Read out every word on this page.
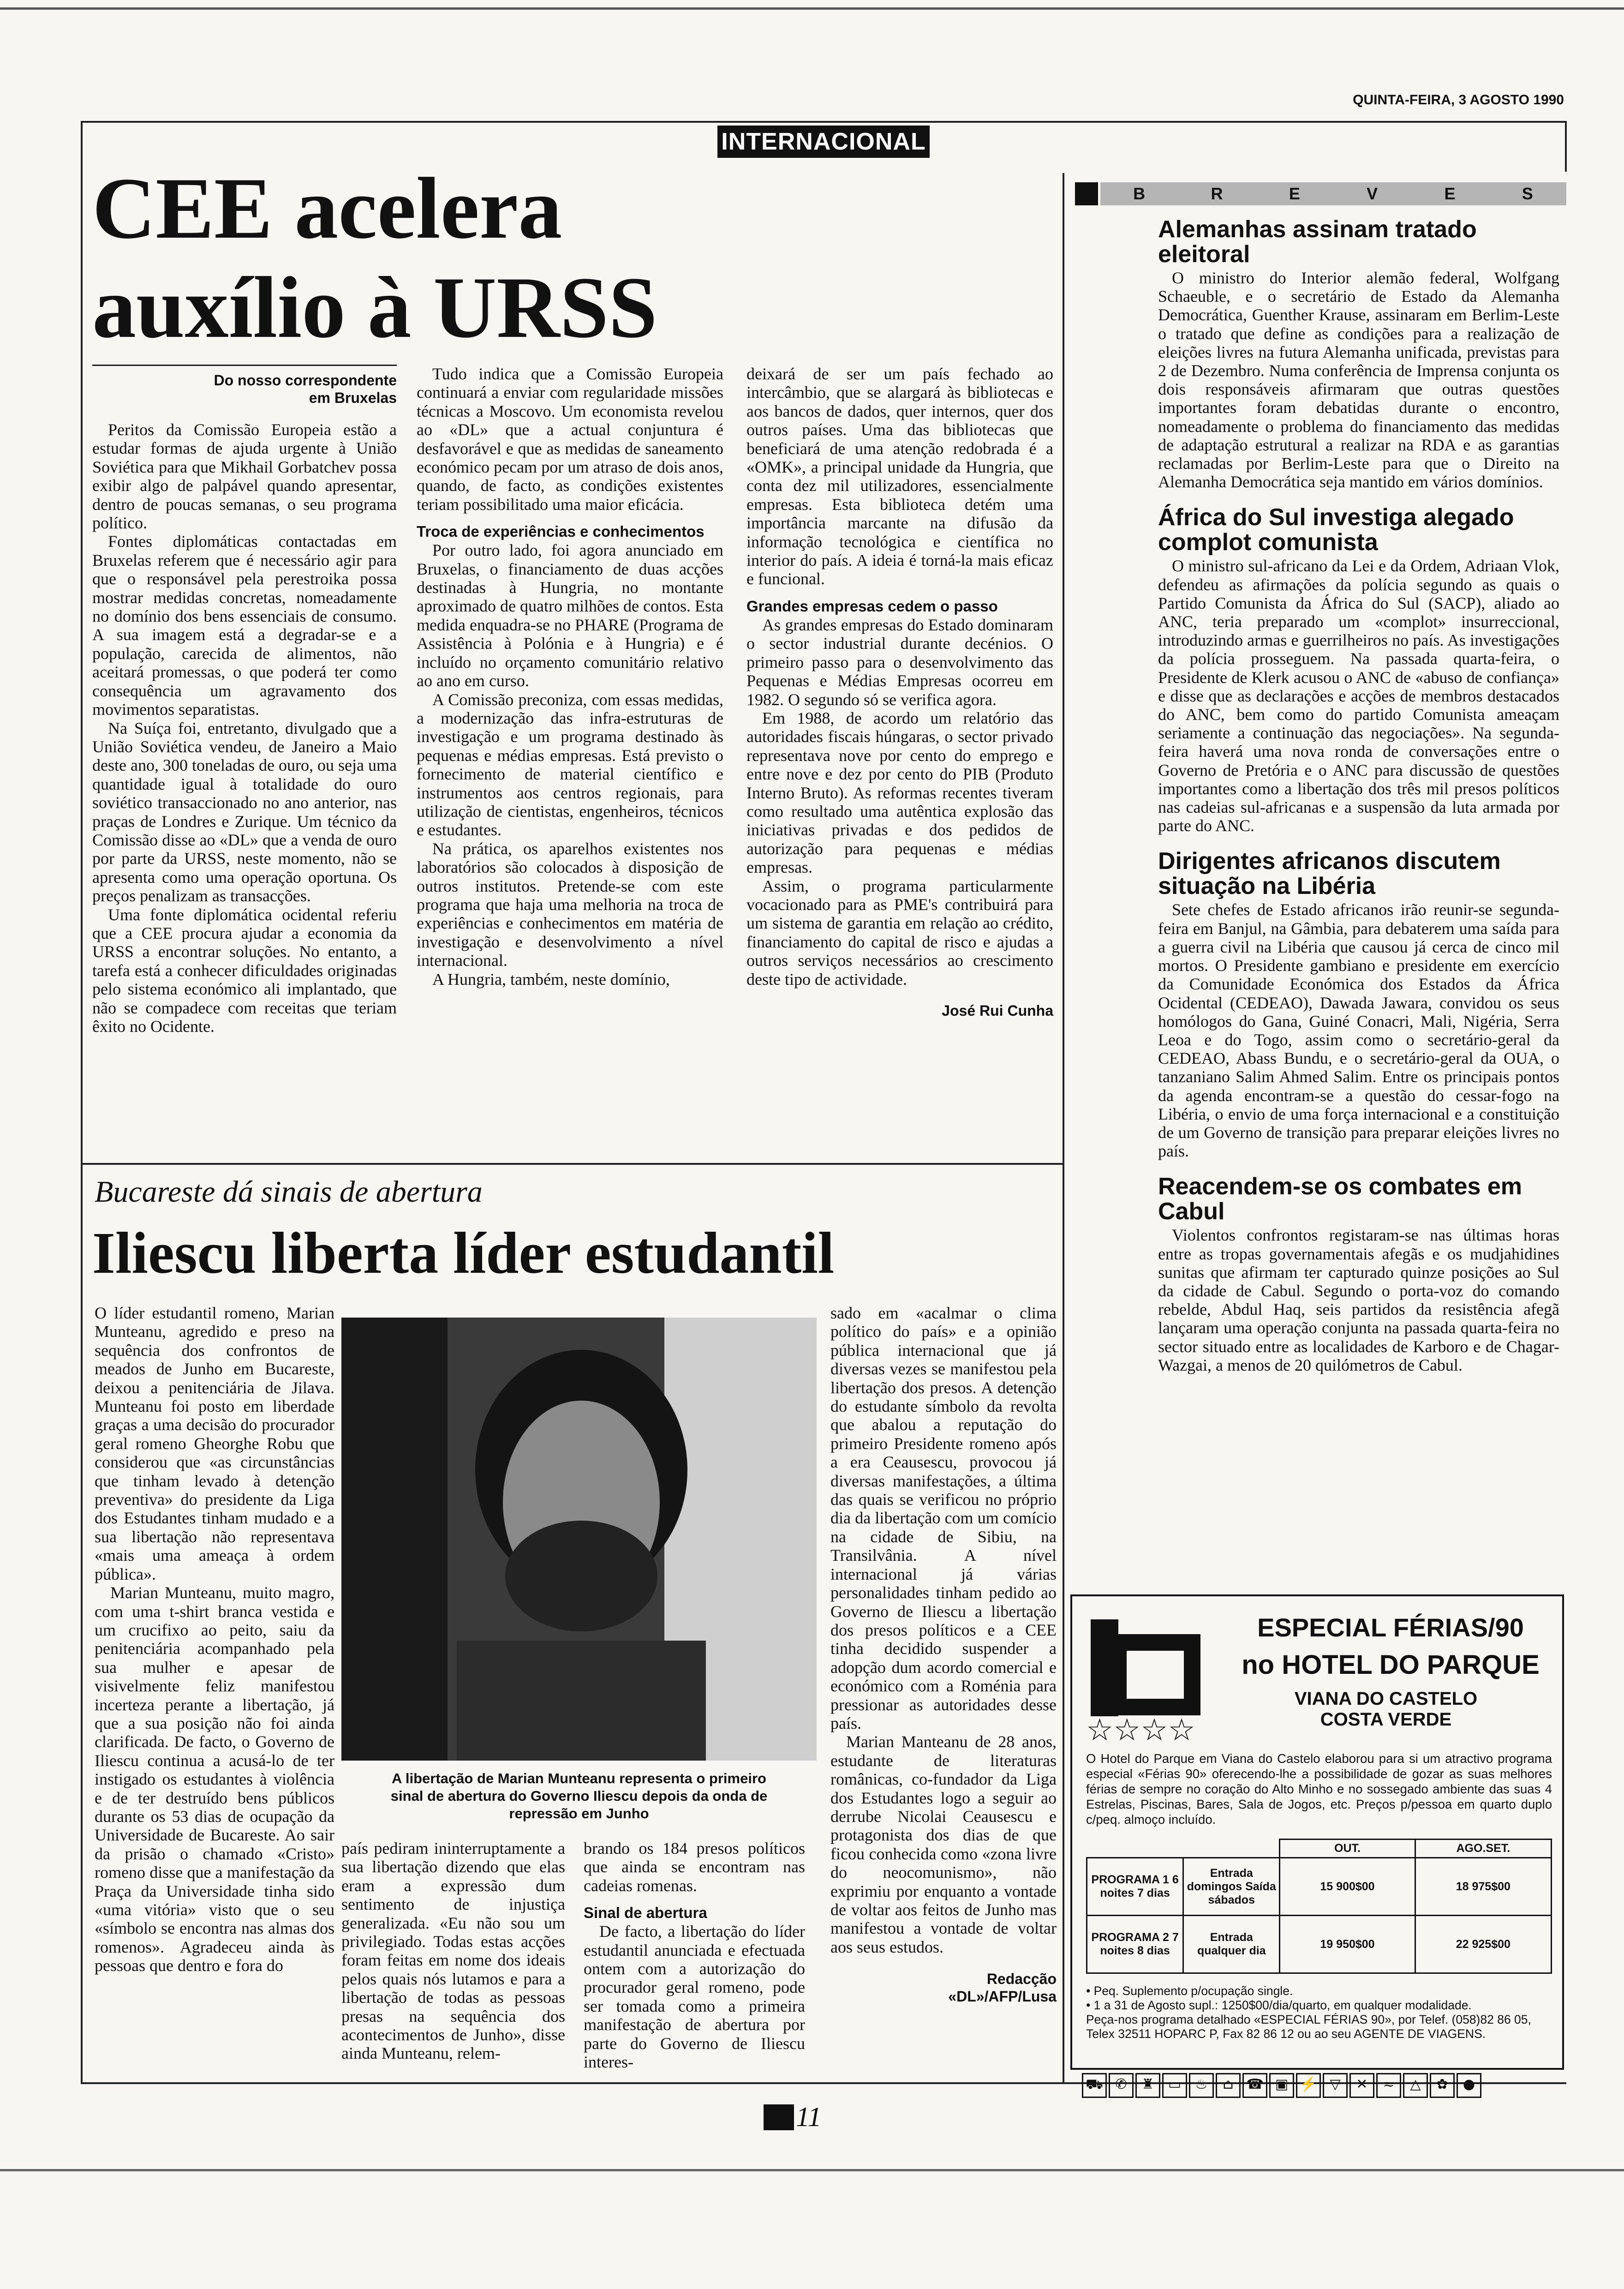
QUINTA-FEIRA, 3 AGOSTO 1990
INTERNACIONAL
CEE acelera
auxílio à URSS
Do nosso correspondente
em Bruxelas

Peritos da Comissão Europeia estão a estudar formas de ajuda urgente à União Soviética para que Mikhail Gorbatchev possa exibir algo de palpável quando apresentar, dentro de poucas semanas, o seu programa político.

Fontes diplomáticas contactadas em Bruxelas referem que é necessário agir para que o responsável pela perestroika possa mostrar medidas concretas, nomeadamente no domínio dos bens essenciais de consumo. A sua imagem está a degradar-se e a população, carecida de alimentos, não aceitará promessas, o que poderá ter como consequência um agravamento dos movimentos separatistas.

Na Suíça foi, entretanto, divulgado que a União Soviética vendeu, de Janeiro a Maio deste ano, 300 toneladas de ouro, ou seja uma quantidade igual à totalidade do ouro soviético transaccionado no ano anterior, nas praças de Londres e Zurique. Um técnico da Comissão disse ao «DL» que a venda de ouro por parte da URSS, neste momento, não se apresenta como uma operação oportuna. Os preços penalizam as transacções.

Uma fonte diplomática ocidental referiu que a CEE procura ajudar a economia da URSS a encontrar soluções. No entanto, a tarefa está a conhecer dificuldades originadas pelo sistema económico ali implantado, que não se compadece com receitas que teriam êxito no Ocidente.

Tudo indica que a Comissão Europeia continuará a enviar com regularidade missões técnicas a Moscovo. Um economista revelou ao «DL» que a actual conjuntura é desfavorável e que as medidas de saneamento económico pecam por um atraso de dois anos, quando, de facto, as condições existentes teriam possibilitado uma maior eficácia.

Troca de experiências e conhecimentos

Por outro lado, foi agora anunciado em Bruxelas, o financiamento de duas acções destinadas à Hungria, no montante aproximado de quatro milhões de contos. Esta medida enquadra-se no PHARE (Programa de Assistência à Polónia e à Hungria) e é incluído no orçamento comunitário relativo ao ano em curso.

A Comissão preconiza, com essas medidas, a modernização das infra-estruturas de investigação e um programa destinado às pequenas e médias empresas. Está previsto o fornecimento de material científico e instrumentos aos centros regionais, para utilização de cientistas, engenheiros, técnicos e estudantes.

Na prática, os aparelhos existentes nos laboratórios são colocados à disposição de outros institutos. Pretende-se com este programa que haja uma melhoria na troca de experiências e conhecimentos em matéria de investigação e desenvolvimento a nível internacional.

A Hungria, também, neste domínio,

deixará de ser um país fechado ao intercâmbio, que se alargará às bibliotecas e aos bancos de dados, quer internos, quer dos outros países. Uma das bibliotecas que beneficiará de uma atenção redobrada é a «OMK», a principal unidade da Hungria, que conta dez mil utilizadores, essencialmente empresas. Esta biblioteca detém uma importância marcante na difusão da informação tecnológica e científica no interior do país. A ideia é torná-la mais eficaz e funcional.

Grandes empresas cedem o passo

As grandes empresas do Estado dominaram o sector industrial durante decénios. O primeiro passo para o desenvolvimento das Pequenas e Médias Empresas ocorreu em 1982. O segundo só se verifica agora.

Em 1988, de acordo um relatório das autoridades fiscais húngaras, o sector privado representava nove por cento do emprego e entre nove e dez por cento do PIB (Produto Interno Bruto). As reformas recentes tiveram como resultado uma autêntica explosão das iniciativas privadas e dos pedidos de autorização para pequenas e médias empresas.

Assim, o programa particularmente vocacionado para as PME's contribuirá para um sistema de garantia em relação ao crédito, financiamento do capital de risco e ajudas a outros serviços necessários ao crescimento deste tipo de actividade.

José Rui Cunha
B	R	E	V	E	S
Alemanhas assinam tratado eleitoral
O ministro do Interior alemão federal, Wolfgang Schaeuble, e o secretário de Estado da Alemanha Democrática, Guenther Krause, assinaram em Berlim-Leste o tratado que define as condições para a realização de eleições livres na futura Alemanha unificada, previstas para 2 de Dezembro. Numa conferência de Imprensa conjunta os dois responsáveis afirmaram que outras questões importantes foram debatidas durante o encontro, nomeadamente o problema do financiamento das medidas de adaptação estrutural a realizar na RDA e as garantias reclamadas por Berlim-Leste para que o Direito na Alemanha Democrática seja mantido em vários domínios.
África do Sul investiga alegado complot comunista
O ministro sul-africano da Lei e da Ordem, Adriaan Vlok, defendeu as afirmações da polícia segundo as quais o Partido Comunista da África do Sul (SACP), aliado ao ANC, teria preparado um «complot» insurreccional, introduzindo armas e guerrilheiros no país. As investigações da polícia prosseguem. Na passada quarta-feira, o Presidente de Klerk acusou o ANC de «abuso de confiança» e disse que as declarações e acções de membros destacados do ANC, bem como do partido Comunista ameaçam seriamente a continuação das negociações». Na segunda-feira haverá uma nova ronda de conversações entre o Governo de Pretória e o ANC para discussão de questões importantes como a libertação dos três mil presos políticos nas cadeias sul-africanas e a suspensão da luta armada por parte do ANC.
Dirigentes africanos discutem situação na Libéria
Sete chefes de Estado africanos irão reunir-se segunda-feira em Banjul, na Gâmbia, para debaterem uma saída para a guerra civil na Libéria que causou já cerca de cinco mil mortos. O Presidente gambiano e presidente em exercício da Comunidade Económica dos Estados da África Ocidental (CEDEAO), Dawada Jawara, convidou os seus homólogos do Gana, Guiné Conacri, Mali, Nigéria, Serra Leoa e do Togo, assim como o secretário-geral da CEDEAO, Abass Bundu, e o secretário-geral da OUA, o tanzaniano Salim Ahmed Salim. Entre os principais pontos da agenda encontram-se a questão do cessar-fogo na Libéria, o envio de uma força internacional e a constituição de um Governo de transição para preparar eleições livres no país.
Reacendem-se os combates em Cabul
Violentos confrontos registaram-se nas últimas horas entre as tropas governamentais afegãs e os mudjahidines sunitas que afirmam ter capturado quinze posições ao Sul da cidade de Cabul. Segundo o porta-voz do comando rebelde, Abdul Haq, seis partidos da resistência afegã lançaram uma operação conjunta na passada quarta-feira no sector situado entre as localidades de Karboro e de Chagar-Wazgai, a menos de 20 quilómetros de Cabul.
Bucareste dá sinais de abertura
Iliescu liberta líder estudantil

O líder estudantil romeno, Marian Munteanu, agredido e preso na sequência dos confrontos de meados de Junho em Bucareste, deixou a penitenciária de Jilava. Munteanu foi posto em liberdade graças a uma decisão do procurador geral romeno Gheorghe Robu que considerou que «as circunstâncias que tinham levado à detenção preventiva» do presidente da Liga dos Estudantes tinham mudado e a sua libertação não representava «mais uma ameaça à ordem pública».

Marian Munteanu, muito magro, com uma t-shirt branca vestida e um crucifixo ao peito, saiu da penitenciária acompanhado pela sua mulher e apesar de visivelmente feliz manifestou incerteza perante a libertação, já que a sua posição não foi ainda clarificada. De facto, o Governo de Iliescu continua a acusá-lo de ter instigado os estudantes à violência e de ter destruído bens públicos durante os 53 dias de ocupação da Universidade de Bucareste. Ao sair da prisão o chamado «Cristo» romeno disse que a manifestação da Praça da Universidade tinha sido «uma vitória» visto que o seu «símbolo se encontra nas almas dos romenos». Agradeceu ainda às pessoas que dentro e fora do

A libertação de Marian Munteanu representa o primeiro sinal de abertura do Governo Iliescu depois da onda de repressão em Junho

país pediram ininterruptamente a sua libertação dizendo que elas eram a expressão dum sentimento de injustiça generalizada. «Eu não sou um privilegiado. Todas estas acções foram feitas em nome dos ideais pelos quais nós lutamos e para a libertação de todas as pessoas presas na sequência dos acontecimentos de Junho», disse ainda Munteanu, relem-

brando os 184 presos políticos que ainda se encontram nas cadeias romenas.

Sinal de abertura

De facto, a libertação do líder estudantil anunciada e efectuada ontem com a autorização do procurador geral romeno, pode ser tomada como a primeira manifestação de abertura por parte do Governo de Iliescu interes-

sado em «acalmar o clima político do país» e a opinião pública internacional que já diversas vezes se manifestou pela libertação dos presos. A detenção do estudante símbolo da revolta que abalou a reputação do primeiro Presidente romeno após a era Ceausescu, provocou já diversas manifestações, a última das quais se verificou no próprio dia da libertação com um comício na cidade de Sibiu, na Transilvânia. A nível internacional já várias personalidades tinham pedido ao Governo de Iliescu a libertação dos presos políticos e a CEE tinha decidido suspender a adopção dum acordo comercial e económico com a Roménia para pressionar as autoridades desse país.

Marian Manteanu de 28 anos, estudante de literaturas românicas, co-fundador da Liga dos Estudantes logo a seguir ao derrube Nicolai Ceausescu e protagonista dos dias de que ficou conhecida como «zona livre do neocomunismo», não exprimiu por enquanto a vontade de voltar aos feitos de Junho mas manifestou a vontade de voltar aos seus estudos.

Redacção
«DL»/AFP/Lusa
ESPECIAL FÉRIAS/90
no HOTEL DO PARQUE
VIANA DO CASTELO
COSTA VERDE
☆☆☆☆
O Hotel do Parque em Viana do Castelo elaborou para si um atractivo programa especial «Férias 90» oferecendo-lhe a possibilidade de gozar as suas melhores férias de sempre no coração do Alto Minho e no sossegado ambiente das suas 4 Estrelas, Piscinas, Bares, Sala de Jogos, etc. Preços p/pessoa em quarto duplo c/peq. almoço incluído.
		OUT.	AGO.SET.
PROGRAMA 1 6 noites 7 dias	Entrada domingos Saída sábados	15 900$00	18 975$00
PROGRAMA 2 7 noites 8 dias	Entrada qualquer dia	19 950$00	22 925$00
• Peq. Suplemento p/ocupação single.
• 1 a 31 de Agosto supl.: 1250$00/dia/quarto, em qualquer modalidade.
Peça-nos programa detalhado «ESPECIAL FÉRIAS 90», por Telef. (058)82 86 05, Telex 32511 HOPARC P, Fax 82 86 12 ou ao seu AGENTE DE VIAGENS.
⛟ ✆	♜	▭	♨	⌂ ☎ ▣ ⚡ ▽	✕	≈	△	✿	●
11
